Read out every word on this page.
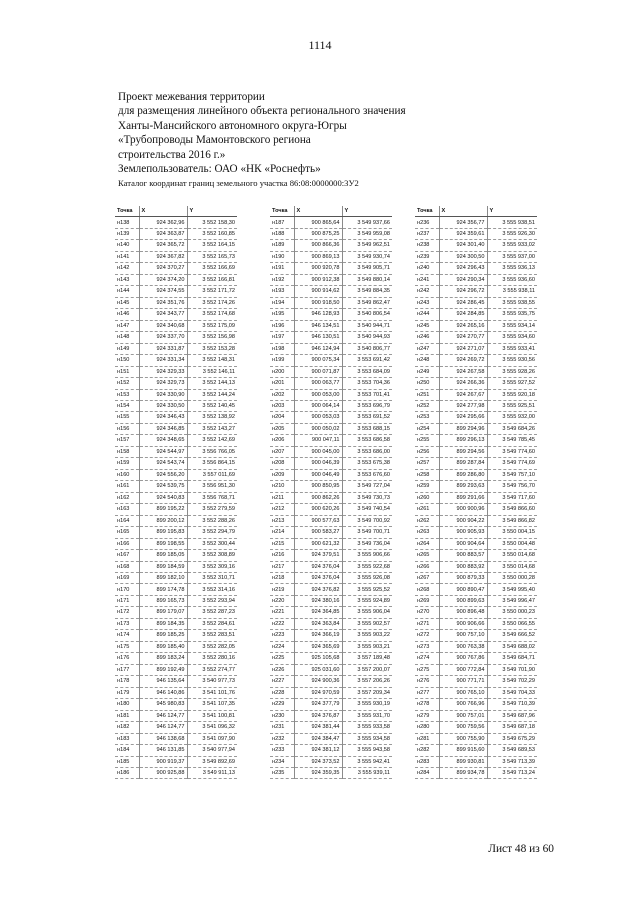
1114
Проект межевания территории
для размещения линейного объекта регионального значения
Ханты-Мансийского автономного округа-Югры
«Трубопроводы Мамонтовского региона
строительства 2016 г.»
Землепользователь: ОАО «НК «Роснефть»
Каталог координат границ земельного участка 86:08:0000000:3У2
Точка	X	Y
н138	924 362,96	3 552 158,30
н139	924 363,87	3 552 160,85
н140	924 365,72	3 552 164,15
н141	924 367,82	3 552 165,73
н142	924 370,27	3 552 166,69
н143	924 374,20	3 552 166,81
н144	924 374,55	3 552 171,72
н145	924 351,76	3 552 174,26
н146	924 343,77	3 552 174,68
н147	924 340,68	3 552 175,09
н148	924 337,70	3 552 156,98
н149	924 331,87	3 552 153,28
н150	924 331,34	3 552 148,31
н151	924 329,33	3 552 146,11
н152	924 329,73	3 552 144,13
н153	924 330,90	3 552 144,24
н154	924 330,50	3 552 140,45
н155	924 346,43	3 552 138,92
н156	924 346,85	3 552 143,27
н157	924 348,65	3 552 142,69
н158	924 544,97	3 556 766,05
н159	924 543,74	3 556 864,15
н160	924 556,20	3 557 011,69
н161	924 539,75	3 556 951,30
н162	924 540,83	3 556 768,71
н163	899 195,22	3 552 279,59
н164	899 200,12	3 552 288,26
н165	899 195,83	3 552 294,79
н166	899 198,55	3 552 300,44
н167	899 185,05	3 552 308,89
н168	899 184,59	3 552 309,16
н169	899 182,10	3 552 310,71
н170	899 174,78	3 552 314,16
н171	899 165,73	3 552 293,94
н172	899 179,07	3 552 287,23
н173	899 184,35	3 552 284,61
н174	899 185,25	3 552 283,51
н175	899 185,40	3 552 282,05
н176	899 183,24	3 552 280,16
н177	899 192,49	3 552 274,77
н178	946 135,64	3 540 977,73
н179	946 140,86	3 541 101,76
н180	945 980,83	3 541 107,35
н181	946 124,77	3 541 100,81
н182	946 124,77	3 541 096,32
н183	946 138,68	3 541 097,90
н184	946 131,85	3 540 977,94
н185	900 919,37	3 549 892,69
н186	900 925,88	3 549 911,13
Точка	X	Y
н187	900 865,64	3 549 937,66
н188	900 875,25	3 549 959,08
н189	900 866,36	3 549 962,51
н190	900 869,13	3 549 930,74
н191	900 920,78	3 549 905,71
н192	900 912,38	3 549 880,14
н193	900 914,62	3 549 884,35
н194	900 918,50	3 549 862,47
н195	946 128,93	3 540 806,54
н196	946 134,51	3 540 944,71
н197	946 130,51	3 540 944,93
н198	946 124,94	3 540 806,77
н199	900 075,34	3 553 691,42
н200	900 071,87	3 553 684,09
н201	900 063,77	3 553 704,36
н202	900 053,00	3 553 701,41
н203	900 064,14	3 553 696,79
н204	900 053,03	3 553 691,52
н205	900 050,02	3 553 688,15
н206	900 047,11	3 553 686,58
н207	900 045,00	3 553 686,00
н208	900 046,39	3 553 675,38
н209	900 046,49	3 553 676,60
н210	900 850,95	3 549 727,04
н211	900 862,26	3 549 730,73
н212	900 620,26	3 549 740,54
н213	900 577,63	3 549 700,92
н214	900 583,27	3 549 700,71
н215	900 621,32	3 549 736,04
н216	924 379,51	3 555 906,66
н217	924 376,04	3 555 922,68
н218	924 376,04	3 555 926,08
н219	924 376,82	3 555 925,52
н220	924 380,16	3 555 924,89
н221	924 364,85	3 555 906,04
н222	924 363,84	3 555 902,57
н223	924 366,19	3 555 903,22
н224	924 365,69	3 555 903,21
н225	925 105,68	3 557 189,48
н226	925 031,60	3 557 200,07
н227	924 900,36	3 557 206,26
н228	924 970,59	3 557 209,34
н229	924 377,79	3 555 930,19
н230	924 376,87	3 555 931,70
н231	924 381,44	3 555 933,58
н232	924 384,47	3 555 934,58
н233	924 381,12	3 555 943,58
н234	924 373,52	3 555 942,41
н235	924 359,35	3 555 939,11
Точка	X	Y
н236	924 356,77	3 555 938,51
н237	924 359,61	3 555 926,30
н238	924 301,40	3 555 933,02
н239	924 300,50	3 555 937,00
н240	924 296,43	3 555 936,13
н241	924 290,34	3 555 936,60
н242	924 296,72	3 555 938,11
н243	924 286,45	3 555 938,55
н244	924 284,85	3 555 935,75
н245	924 265,16	3 555 934,14
н246	924 270,77	3 555 934,60
н247	924 271,07	3 555 933,41
н248	924 269,72	3 555 930,56
н249	924 267,58	3 555 928,26
н250	924 266,36	3 555 927,52
н251	924 267,67	3 555 920,18
н252	924 277,98	3 555 925,51
н253	924 295,66	3 555 932,00
н254	899 294,96	3 549 684,26
н255	899 296,13	3 549 785,45
н256	899 294,56	3 549 774,60
н257	899 287,84	3 549 774,69
н258	899 286,80	3 549 757,10
н259	899 293,63	3 549 756,70
н260	899 291,66	3 549 717,60
н261	900 900,96	3 549 866,60
н262	900 904,22	3 549 866,82
н263	900 905,93	3 550 004,15
н264	900 904,64	3 550 004,48
н265	900 883,57	3 550 014,68
н266	900 883,92	3 550 014,68
н267	900 879,33	3 550 000,28
н268	900 890,47	3 549 995,40
н269	900 899,63	3 549 996,47
н270	900 896,48	3 550 000,23
н271	900 906,66	3 550 066,55
н272	900 757,10	3 549 666,52
н273	900 763,38	3 549 688,02
н274	900 767,86	3 549 684,71
н275	900 772,84	3 549 701,90
н276	900 771,71	3 549 702,29
н277	900 765,10	3 549 704,33
н278	900 766,96	3 549 710,39
н279	900 757,01	3 549 687,96
н280	900 759,56	3 549 687,18
н281	900 755,90	3 549 675,29
н282	899 915,60	3 549 689,53
н283	899 930,81	3 549 713,39
н284	899 934,78	3 549 713,24
Лист 48 из 60
